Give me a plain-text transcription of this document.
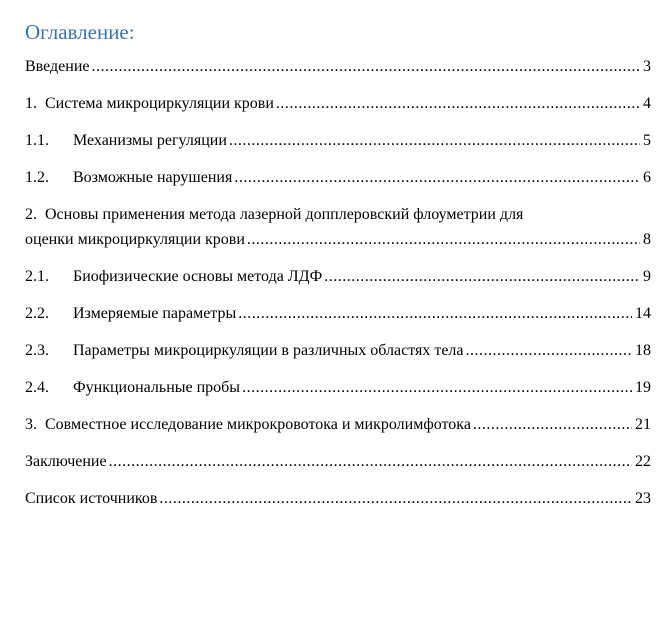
Оглавление:
Введение .....	3
1. Система микроциркуляции крови .....	4
1.1.	Механизмы регуляции .....	5
1.2.	Возможные нарушения .....	6
2. Основы применения метода лазерной допплеровский флоуметрии для
оценки микроциркуляции крови .....	8
2.1.	Биофизические основы метода ЛДФ .....	9
2.2.	Измеряемые параметры .....	14
2.3.	Параметры микроциркуляции в различных областях тела .....	18
2.4.	Функциональные пробы .....	19
3. Совместное исследование микрокровотока и микролимфотока .....	21
Заключение .....	22
Список источников .....	23
